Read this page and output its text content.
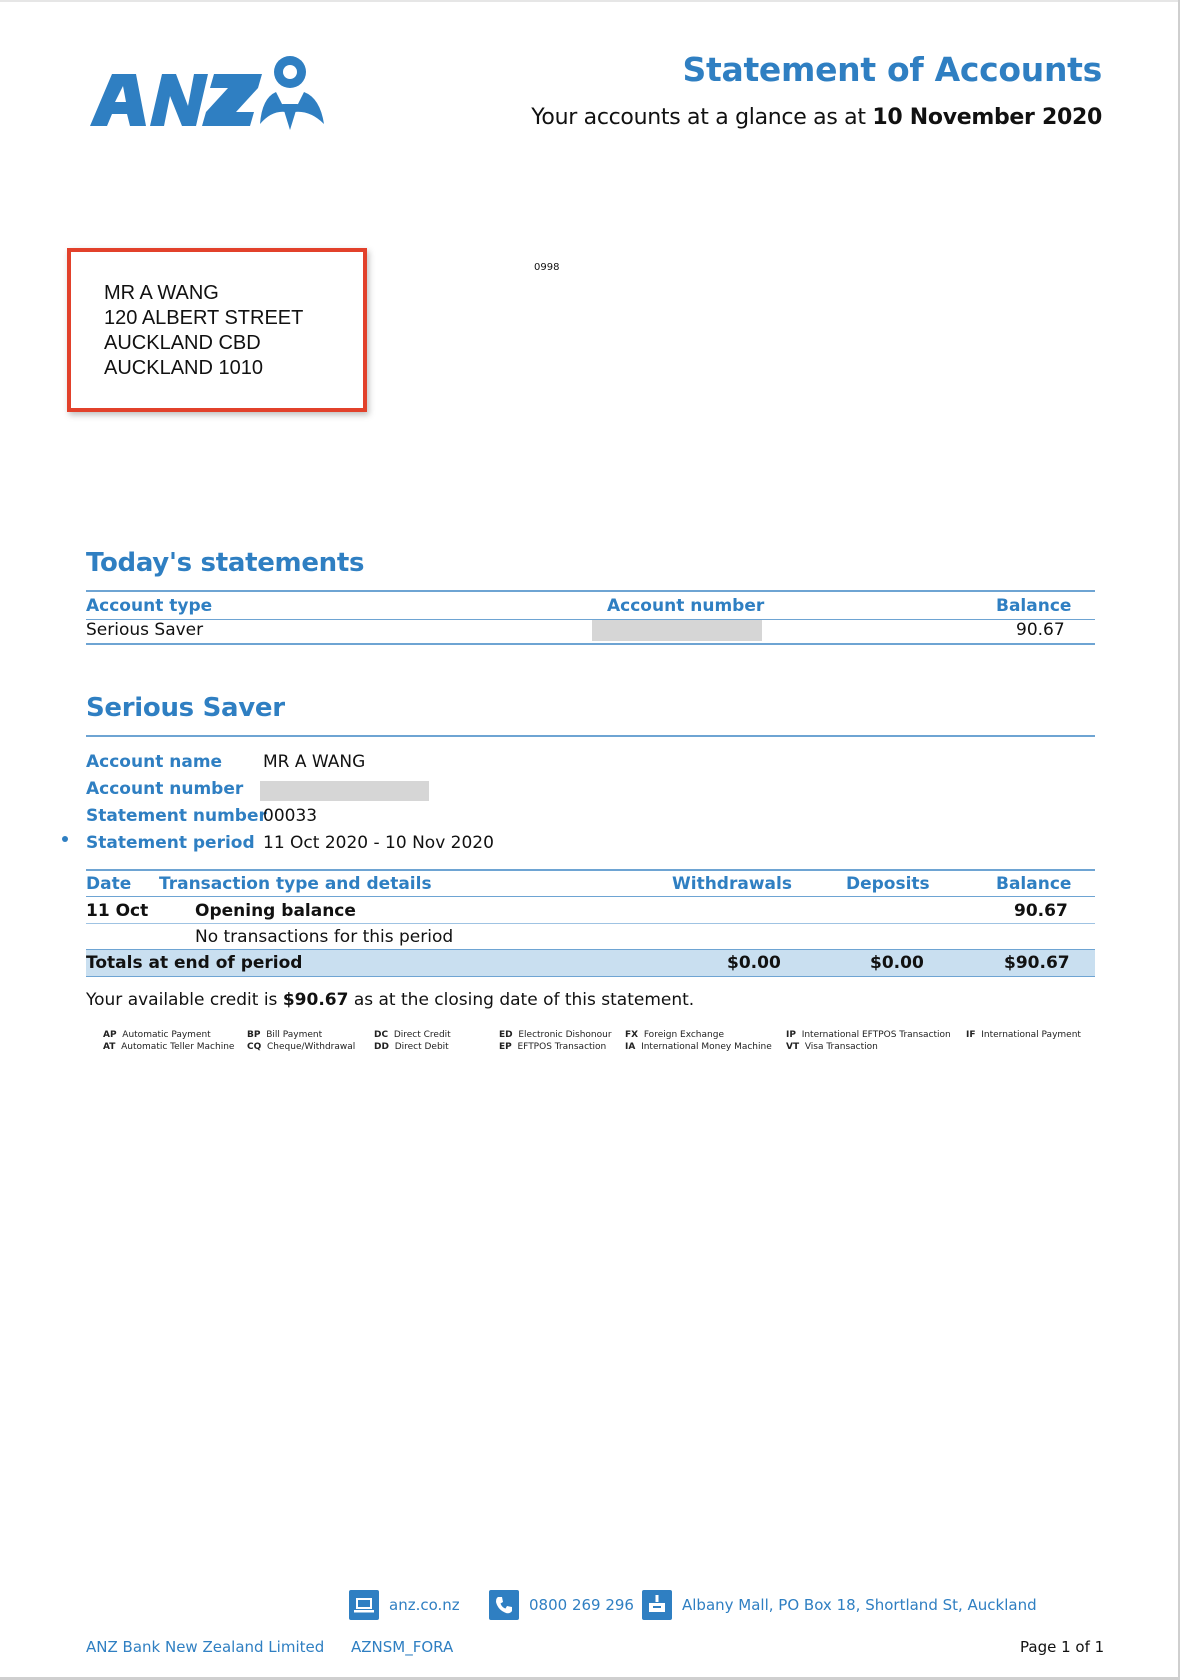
Statement of Accounts
Your accounts at a glance as at 10 November 2020
MR A WANG
120 ALBERT STREET
AUCKLAND CBD
AUCKLAND 1010
0998
Today's statements
Account type	Account number	Balance
Serious Saver	90.67
Serious Saver
Account name MR A WANG
Account number
Statement number
00033
Statement period 11 Oct 2020 - 10 Nov 2020
Date Transaction type and details	Withdrawals	Deposits	Balance
11 Oct	Opening balance	90.67
No transactions for this period
Totals at end of period	$0.00	$0.00	$90.67
Your available credit is $90.67 as at the closing date of this statement.
AP Automatic Payment
AT Automatic Teller Machine
BP Bill Payment
CQ Cheque/Withdrawal
DC Direct Credit
DD Direct Debit
ED Electronic Dishonour
EP EFTPOS Transaction
FX Foreign Exchange
IA International Money Machine
IP International EFTPOS Transaction
VT Visa Transaction
IF International Payment
anz.co.nz	0800 269 296	Albany Mall, PO Box 18, Shortland St, Auckland
ANZ Bank New Zealand Limited AZNSM_FORA	Page 1 of 1
